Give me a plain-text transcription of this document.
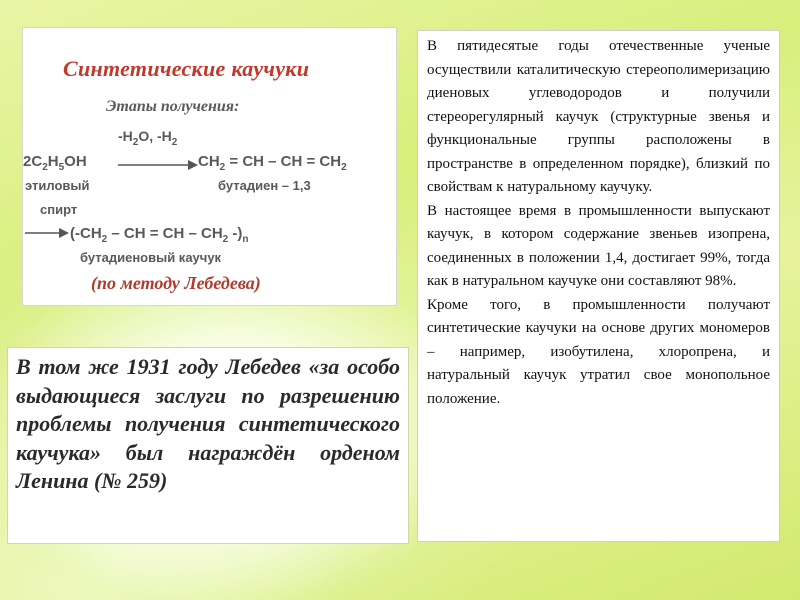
Синтетические каучуки
Этапы получения:
$-H_2O$, $-H_2$
$2C_2H_5OH$	$CH_2$ = CH – CH = $CH_2$
этиловый	бутадиен – 1,3
спирт
($-CH_2$ – CH = CH – $CH_2$ $-)_n$
бутадиеновый каучук
(по методу Лебедева)
В том же 1931 году Лебедев «за особо выдающиеся заслуги по разрешению проблемы получения синтетического каучука» был награждён орденом Ленина (№ 259)

В пятидесятые годы отечественные ученые осуществили каталитическую стереополимеризацию диеновых углеводородов и получили стереорегулярный каучук (структурные звенья и функциональные группы расположены в пространстве в определенном порядке), близкий по свойствам к натуральному каучуку.

В настоящее время в промышленности выпускают каучук, в котором содержание звеньев изопрена, соединенных в положении 1,4, достигает 99%, тогда как в натуральном каучуке они составляют 98%.

Кроме того, в промышленности получают синтетические каучуки на основе других мономеров – например, изобутилена, хлоропрена, и натуральный каучук утратил свое монопольное положение.
